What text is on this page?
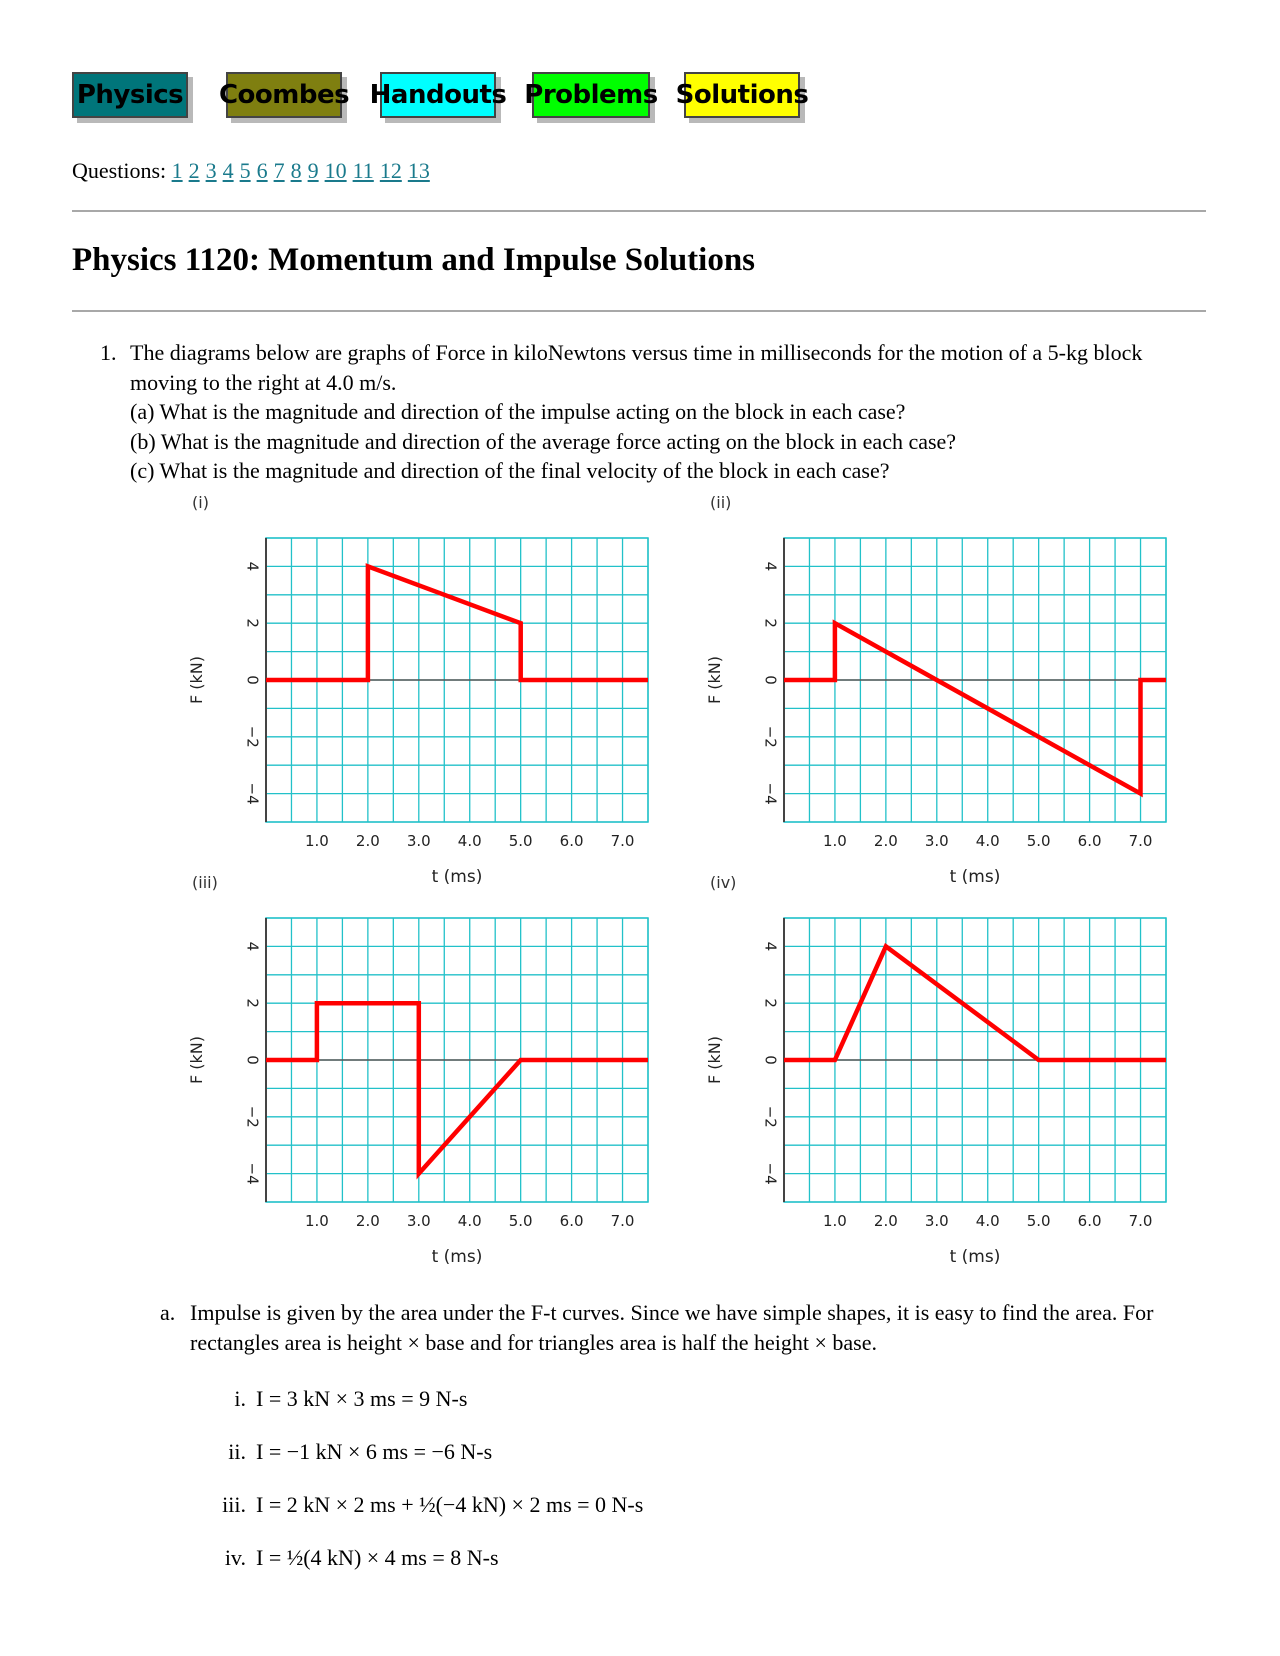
Physics Coombes Handouts Problems Solutions
Questions: 1 2 3 4 5 6 7 8 9 10 11 12 13
Physics 1120: Momentum and Impulse Solutions
1. The diagrams below are graphs of Force in kiloNewtons versus time in milliseconds for the motion of a 5-kg block moving to the right at 4.0 m/s.
(a) What is the magnitude and direction of the impulse acting on the block in each case?
(b) What is the magnitude and direction of the average force acting on the block in each case?
(c) What is the magnitude and direction of the final velocity of the block in each case?
(i)
4
2
0
−2
−4
F (kN)
1.0 2.0 3.0 4.0 5.0 6.0 7.0
t (ms)
(ii)
4
2
0
−2
−4
F (kN)
1.0 2.0 3.0 4.0 5.0 6.0 7.0
t (ms)
(iii)
4
2
0
−2
−4
F (kN)
1.0 2.0 3.0 4.0 5.0 6.0 7.0
t (ms)
(iv)
4
2
0
−2
−4
F (kN)
1.0 2.0 3.0 4.0 5.0 6.0 7.0
t (ms)
a. Impulse is given by the area under the F-t curves. Since we have simple shapes, it is easy to find the area. For rectangles area is height × base and for triangles area is half the height × base.
i. I = 3 kN × 3 ms = 9 N-s
ii. I = −1 kN × 6 ms = −6 N-s
iii. I = 2 kN × 2 ms + ½(−4 kN) × 2 ms = 0 N-s
iv. I = ½(4 kN) × 4 ms = 8 N-s
